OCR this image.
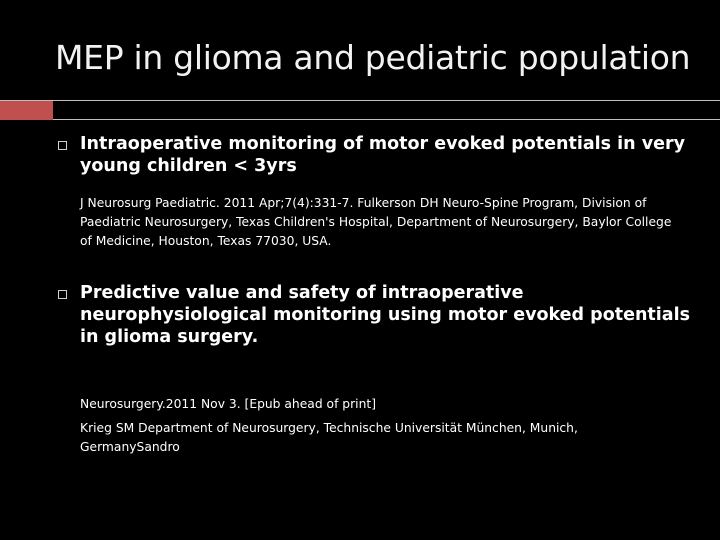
MEP in glioma and pediatric population
Intraoperative monitoring of motor evoked potentials in very young children < 3yrs
J Neurosurg Paediatric. 2011 Apr;7(4):331-7. Fulkerson DH Neuro-Spine Program, Division of Paediatric Neurosurgery, Texas Children's Hospital, Department of Neurosurgery, Baylor College of Medicine, Houston, Texas 77030, USA.
Predictive value and safety of intraoperative neurophysiological monitoring using motor evoked potentials in glioma surgery.
Neurosurgery.2011 Nov 3. [Epub ahead of print]
Krieg SM Department of Neurosurgery, Technische Universität München, Munich, GermanySandro
